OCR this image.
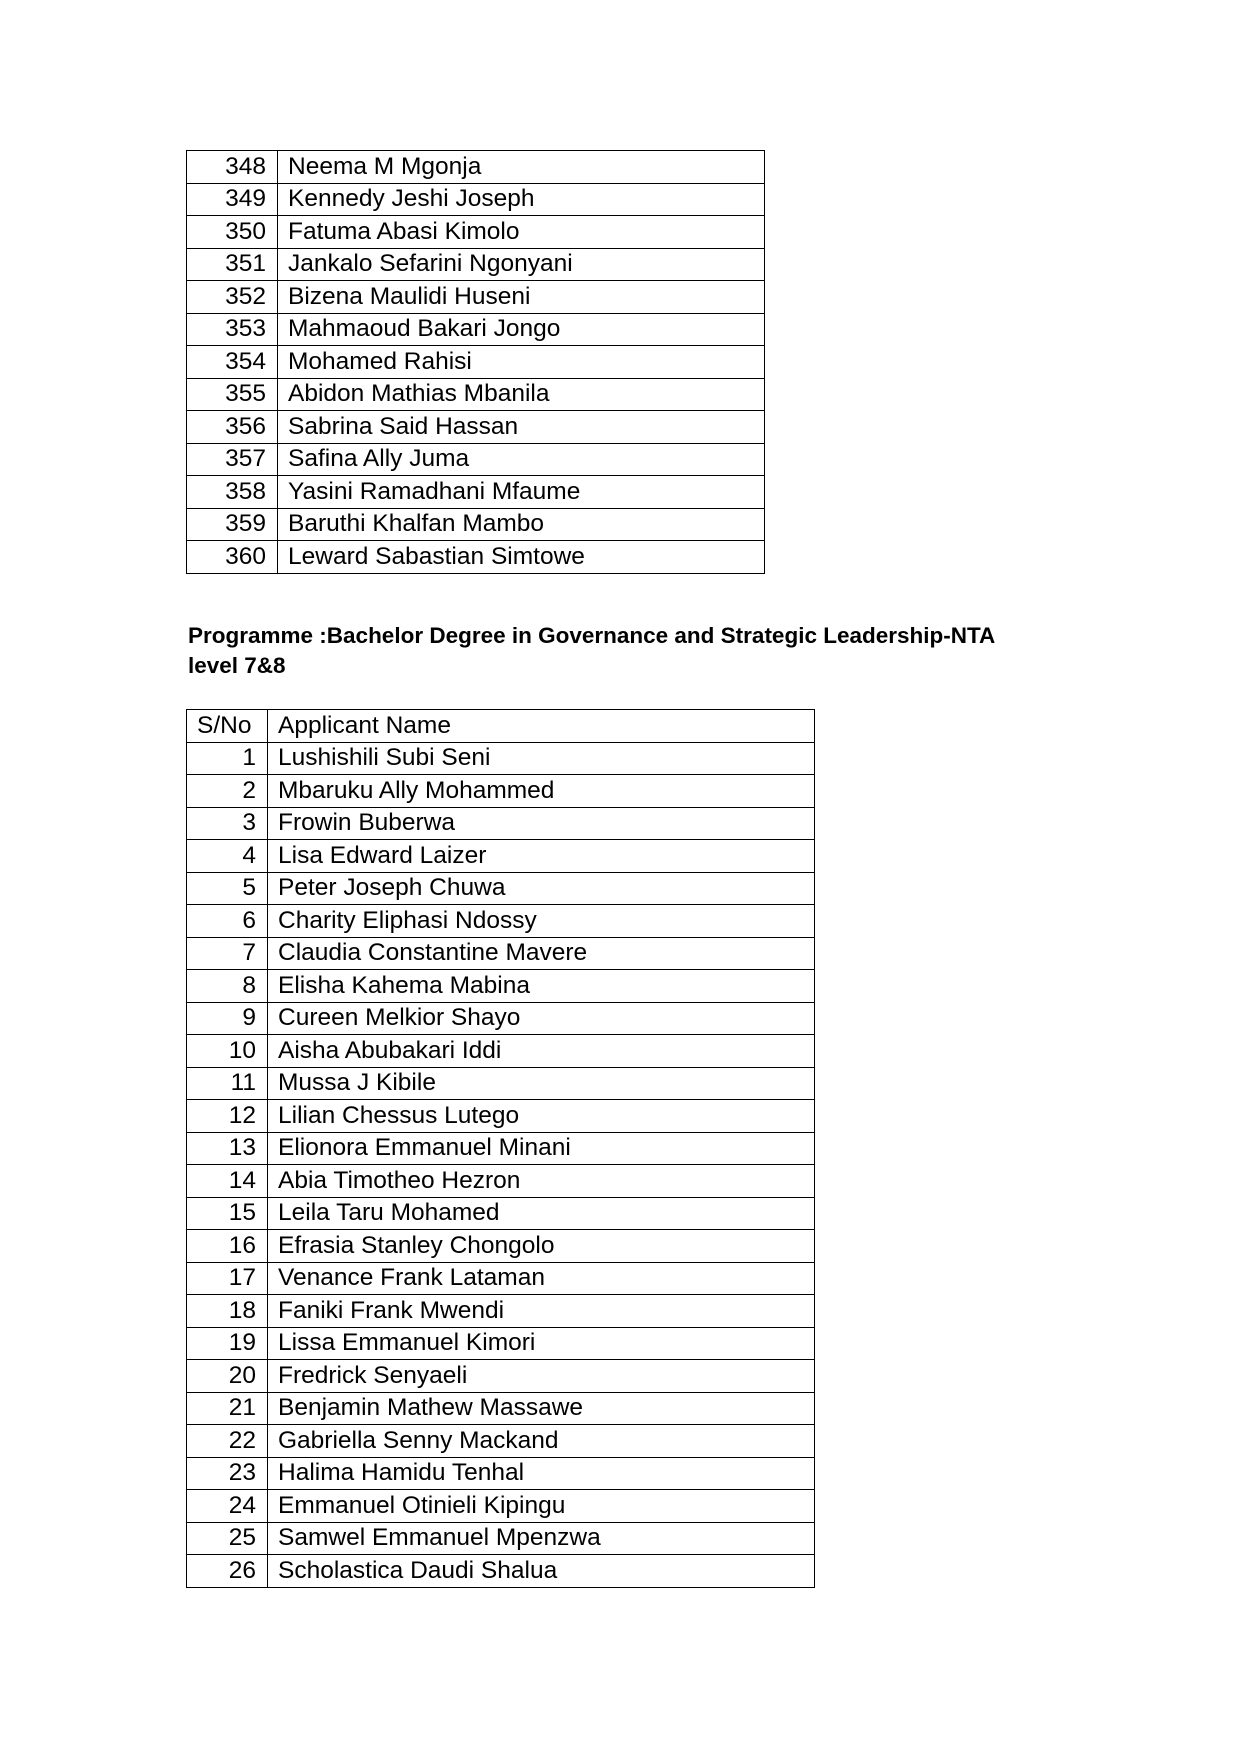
348	Neema M Mgonja
349	Kennedy Jeshi Joseph
350	Fatuma Abasi Kimolo
351	Jankalo Sefarini Ngonyani
352	Bizena Maulidi Huseni
353	Mahmaoud Bakari Jongo
354	Mohamed Rahisi
355	Abidon Mathias Mbanila
356	Sabrina Said Hassan
357	Safina Ally Juma
358	Yasini Ramadhani Mfaume
359	Baruthi Khalfan Mambo
360	Leward Sabastian Simtowe
Programme :Bachelor Degree in Governance and Strategic Leadership-NTA level 7&8
S/No	Applicant Name
1	Lushishili Subi Seni
2	Mbaruku Ally Mohammed
3	Frowin Buberwa
4	Lisa Edward Laizer
5	Peter Joseph Chuwa
6	Charity Eliphasi Ndossy
7	Claudia Constantine Mavere
8	Elisha Kahema Mabina
9	Cureen Melkior Shayo
10	Aisha Abubakari Iddi
11	Mussa J Kibile
12	Lilian Chessus Lutego
13	Elionora Emmanuel Minani
14	Abia Timotheo Hezron
15	Leila Taru Mohamed
16	Efrasia Stanley Chongolo
17	Venance Frank Lataman
18	Faniki Frank Mwendi
19	Lissa Emmanuel Kimori
20	Fredrick Senyaeli
21	Benjamin Mathew Massawe
22	Gabriella Senny Mackand
23	Halima Hamidu Tenhal
24	Emmanuel Otinieli Kipingu
25	Samwel Emmanuel Mpenzwa
26	Scholastica Daudi Shalua
